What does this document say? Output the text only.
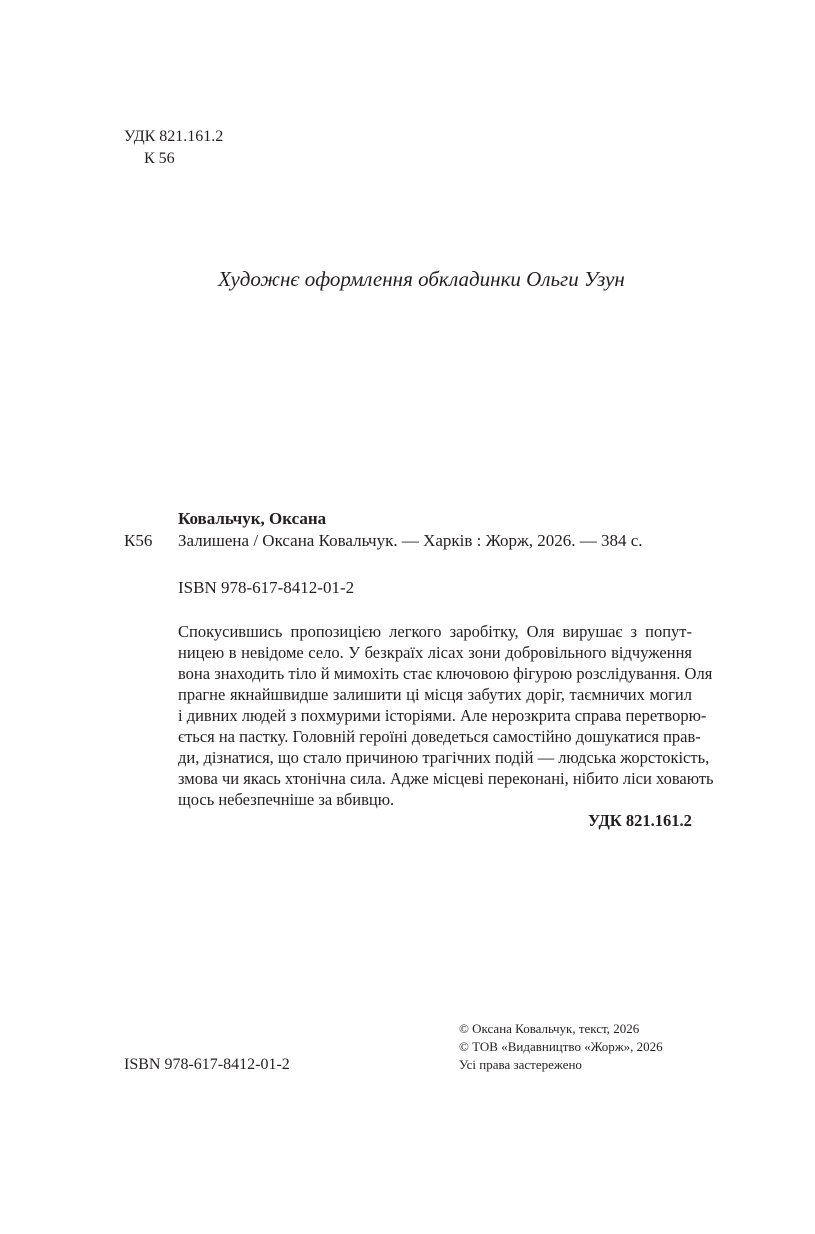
УДК 821.161.2
К 56
Художнє оформлення обкладинки Ольги Узун
Ковальчук, Оксана
К56 Залишена / Оксана Ковальчук. — Харків : Жорж, 2026. — 384 с.
ISBN 978-617-8412-01-2
Спокусившись пропозицією легкого заробітку, Оля вирушає з попут-
ницею в невідоме село. У безкраїх лісах зони добровільного відчуження
вона знаходить тіло й мимохіть стає ключовою фігурою розслідування. Оля
прагне якнайшвидше залишити ці місця забутих доріг, таємничих могил
і дивних людей з похмурими історіями. Але нерозкрита справа перетворю-
ється на пастку. Головній героїні доведеться самостійно дошукатися прав-
ди, дізнатися, що стало причиною трагічних подій — людська жорстокість,
змова чи якась хтонічна сила. Адже місцеві переконані, нібито ліси ховають
щось небезпечніше за вбивцю.
УДК 821.161.2
ISBN 978-617-8412-01-2
© Оксана Ковальчук, текст, 2026
© ТОВ «Видавництво «Жорж», 2026
Усі права застережено
